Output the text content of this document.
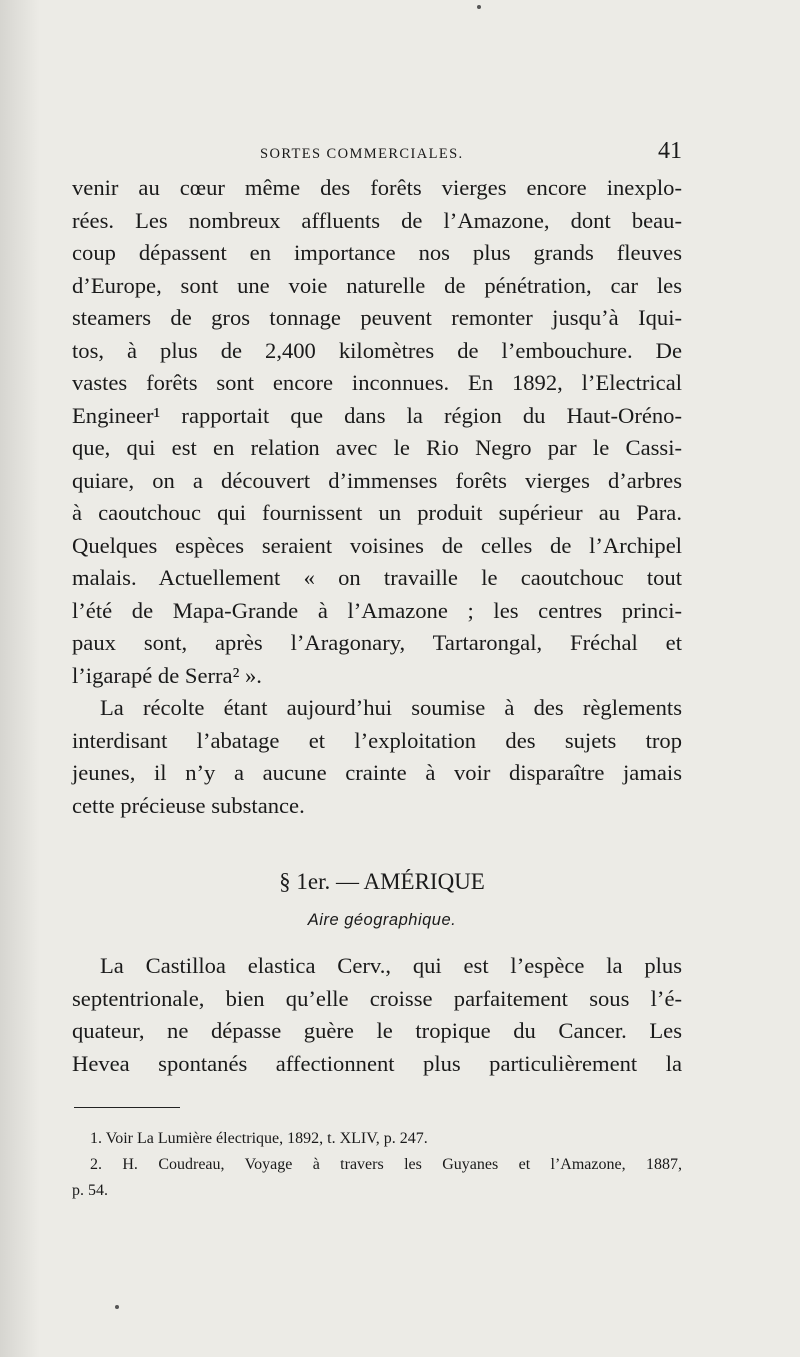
SORTES COMMERCIALES.	41
venir au cœur même des forêts vierges encore inexplo-
rées. Les nombreux affluents de l’Amazone, dont beau-
coup dépassent en importance nos plus grands fleuves
d’Europe, sont une voie naturelle de pénétration, car les
steamers de gros tonnage peuvent remonter jusqu’à Iqui-
tos, à plus de 2,400 kilomètres de l’embouchure. De
vastes forêts sont encore inconnues. En 1892, l’Electrical
Engineer¹ rapportait que dans la région du Haut-Oréno-
que, qui est en relation avec le Rio Negro par le Cassi-
quiare, on a découvert d’immenses forêts vierges d’arbres
à caoutchouc qui fournissent un produit supérieur au Para.
Quelques espèces seraient voisines de celles de l’Archipel
malais. Actuellement « on travaille le caoutchouc tout
l’été de Mapa-Grande à l’Amazone ; les centres princi-
paux sont, après l’Aragonary, Tartarongal, Fréchal et
l’igarapé de Serra² ».
La récolte étant aujourd’hui soumise à des règlements
interdisant l’abatage et l’exploitation des sujets trop
jeunes, il n’y a aucune crainte à voir disparaître jamais
cette précieuse substance.
§ 1er. — AMÉRIQUE
Aire géographique.
La Castilloa elastica Cerv., qui est l’espèce la plus
septentrionale, bien qu’elle croisse parfaitement sous l’é-
quateur, ne dépasse guère le tropique du Cancer. Les
Hevea spontanés affectionnent plus particulièrement la
1. Voir La Lumière électrique, 1892, t. XLIV, p. 247.
2. H. Coudreau, Voyage à travers les Guyanes et l’Amazone, 1887,
p. 54.
